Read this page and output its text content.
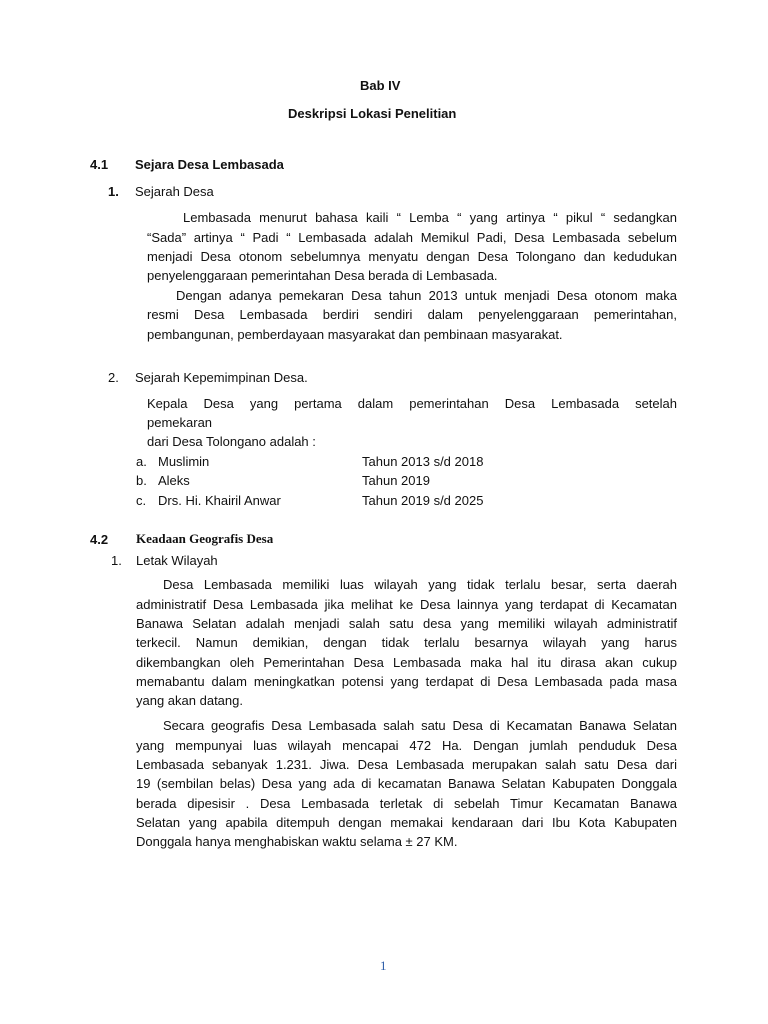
Bab IV
Deskripsi Lokasi Penelitian
4.1 Sejara Desa Lembasada
1. Sejarah Desa
Lembasada menurut bahasa kaili “ Lemba “ yang artinya “ pikul “ sedangkan
“Sada” artinya “ Padi “ Lembasada adalah Memikul Padi, Desa Lembasada sebelum
menjadi Desa otonom sebelumnya menyatu dengan Desa Tolongano dan kedudukan
penyelenggaraan pemerintahan Desa berada di Lembasada.
Dengan adanya pemekaran Desa tahun 2013 untuk menjadi Desa otonom maka
resmi Desa Lembasada berdiri sendiri dalam penyelenggaraan pemerintahan,
pembangunan, pemberdayaan masyarakat dan pembinaan masyarakat.
2. Sejarah Kepemimpinan Desa.
Kepala Desa yang pertama dalam pemerintahan Desa Lembasada setelah
pemekaran
dari Desa Tolongano adalah :
a. Muslimin	Tahun 2013 s/d 2018
b. Aleks	Tahun 2019
c. Drs. Hi. Khairil Anwar	Tahun 2019 s/d 2025
4.2 Keadaan Geografis Desa
1. Letak Wilayah
Desa Lembasada memiliki luas wilayah yang tidak terlalu besar, serta daerah
administratif Desa Lembasada jika melihat ke Desa lainnya yang terdapat di Kecamatan
Banawa Selatan adalah menjadi salah satu desa yang memiliki wilayah administratif
terkecil. Namun demikian, dengan tidak terlalu besarnya wilayah yang harus
dikembangkan oleh Pemerintahan Desa Lembasada maka hal itu dirasa akan cukup
memabantu dalam meningkatkan potensi yang terdapat di Desa Lembasada pada masa
yang akan datang.
Secara geografis Desa Lembasada salah satu Desa di Kecamatan Banawa Selatan
yang mempunyai luas wilayah mencapai 472 Ha. Dengan jumlah penduduk Desa
Lembasada sebanyak 1.231. Jiwa. Desa Lembasada merupakan salah satu Desa dari
19 (sembilan belas) Desa yang ada di kecamatan Banawa Selatan Kabupaten Donggala
berada dipesisir . Desa Lembasada terletak di sebelah Timur Kecamatan Banawa
Selatan yang apabila ditempuh dengan memakai kendaraan dari Ibu Kota Kabupaten
Donggala hanya menghabiskan waktu selama ± 27 KM.
1
